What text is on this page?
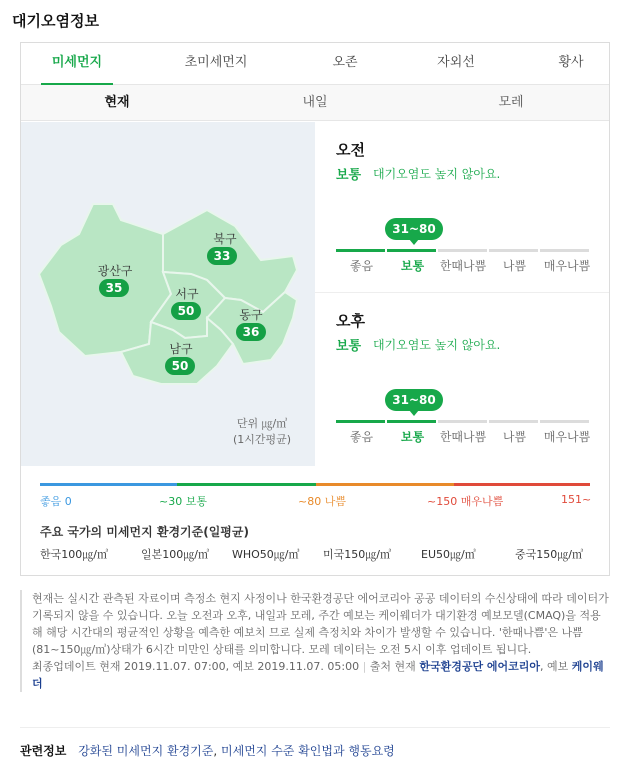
대기오염정보
미세먼지	초미세먼지	오존	자외선	황사
현재	내일	모레
광산구
35
북구
33
서구
50	동구
36
남구
50
단위 ㎍/㎥
(1시간평균)
오전
보통 대기오염도 높지 않아요.
31~80
좋음	보통	한때나쁨	나쁨	매우나쁨
오후
보통 대기오염도 높지 않아요.
31~80
좋음	보통	한때나쁨	나쁨	매우나쁨
좋음 0	~30 보통	~80 나쁨	~150 매우나쁨	151~
주요 국가의 미세먼지 환경기준(일평균)
한국100㎍/㎥	일본100㎍/㎥ WHO50㎍/㎥ 미국150㎍/㎥	EU50㎍/㎥	중국150㎍/㎥
현재는 실시간 관측된 자료이며 측정소 현지 사정이나 한국환경공단 에어코리아 공공 데이터의 수신상태에 따라 데이터가 기록되지 않을 수 있습니다. 오늘 오전과 오후, 내일과 모레, 주간 예보는 케이웨더가 대기환경 예보모델(CMAQ)을 적용해 해당 시간대의 평균적인 상황을 예측한 예보치 므로 실제 측정치와 차이가 발생할 수 있습니다. '한때나쁨'은 나쁨(81~150㎍/㎥)상태가 6시간 미만인 상태를 의미합니다. 모레 데이터는 오전 5시 이후 업데이트 됩니다.
최종업데이트 현재 2019.11.07. 07:00, 예보 2019.11.07. 05:00 | 출처 현재 한국환경공단 에어코리아, 예보 케이웨더
관련정보 강화된 미세먼지 환경기준, 미세먼지 수준 확인법과 행동요령
